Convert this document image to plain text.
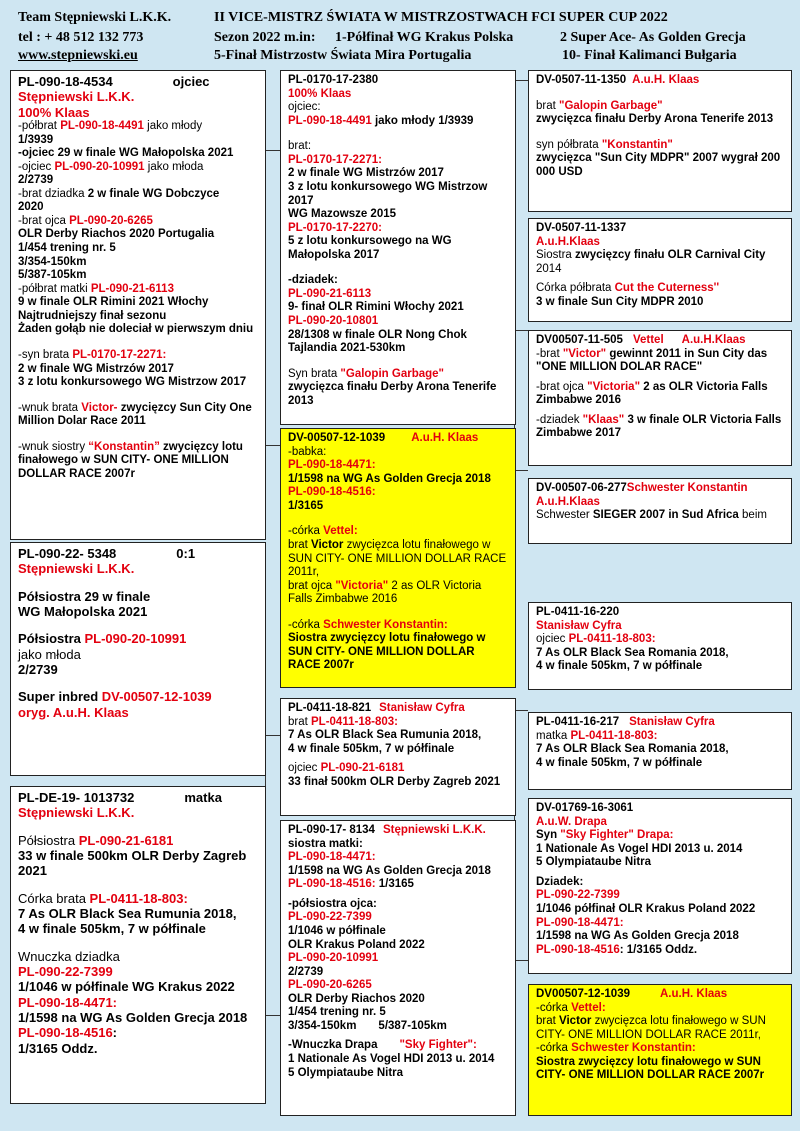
Team Stępniewski L.K.K.	II VICE-MISTRZ ŚWIATA W MISTRZOSTWACH FCI SUPER CUP 2022
tel : + 48 512 132 773	Sezon 2022 m.in: 1-Półfinał WG Krakus Polska	2 Super Ace- As Golden Grecja
www.stepniewski.eu	5-Finał Mistrzostw Świata Mira Portugalia	10- Finał Kalimanci Bułgaria

PL-090-18-4534	ojciec

Stępniewski L.K.K.

100% Klaas

-półbrat PL-090-18-4491 jako młody

1/3939

-ojciec 29 w finale WG Małopolska 2021

-ojciec PL-090-20-10991 jako młoda

2/2739

-brat dziadka 2 w finale WG Dobczyce

2020

-brat ojca PL-090-20-6265

OLR Derby Riachos 2020 Portugalia

1/454 trening nr. 5

3/354-150km

5/387-105km

-półbrat matki PL-090-21-6113

9 w finale OLR Rimini 2021 Włochy

Najtrudniejszy finał sezonu

Żaden gołąb nie doleciał w pierwszym dniu

-syn brata PL-0170-17-2271:

2 w finale WG Mistrzów 2017

3 z lotu konkursowego WG Mistrzow 2017

-wnuk brata Victor- zwycięzcy Sun City One Million Dolar Race 2011

-wnuk siostry “Konstantin” zwycięzcy lotu finałowego w SUN CITY- ONE MILLION DOLLAR RACE 2007r

PL-0170-17-2380

100% Klaas

ojciec:

PL-090-18-4491 jako młody 1/3939

brat:

PL-0170-17-2271:

2 w finale WG Mistrzów 2017

3 z lotu konkursowego WG Mistrzow 2017

WG Mazowsze 2015

PL-0170-17-2270:

5 z lotu konkursowego na WG Małopolska 2017

-dziadek:

PL-090-21-6113

9- finał OLR Rimini Włochy 2021

PL-090-20-10801

28/1308 w finale OLR Nong Chok Tajlandia 2021-530km

Syn brata "Galopin Garbage"

zwycięzca finału Derby Arona Tenerife 2013

DV-00507-12-1039 A.u.H. Klaas

-babka:

PL-090-18-4471:

1/1598 na WG As Golden Grecja 2018

PL-090-18-4516:

1/3165

-córka Vettel:

brat Victor zwycięzca lotu finałowego w SUN CITY- ONE MILLION DOLLAR RACE 2011r,

brat ojca "Victoria" 2 as OLR Victoria Falls Zimbabwe 2016

-córka Schwester Konstantin:

Siostra zwycięzcy lotu finałowego w SUN CITY- ONE MILLION DOLLAR RACE 2007r

DV-0507-11-1350 A.u.H. Klaas

brat "Galopin Garbage"

zwycięzca finału Derby Arona Tenerife 2013

syn półbrata "Konstantin"

zwycięzca "Sun City MDPR" 2007 wygrał 200 000 USD

DV-0507-11-1337

A.u.H.Klaas

Siostra zwycięzcy finału OLR Carnival City 2014

Córka półbrata Cut the Cuterness''

3 w finale Sun City MDPR 2010

DV00507-11-505 Vettel A.u.H.Klaas

-brat "Victor" gewinnt 2011 in Sun City das "ONE MILLION DOLAR RACE"

-brat ojca "Victoria" 2 as OLR Victoria Falls Zimbabwe 2016

-dziadek "Klaas" 3 w finale OLR Victoria Falls Zimbabwe 2017

DV-00507-06-277Schwester Konstantin

A.u.H.Klaas

Schwester SIEGER 2007 in Sud Africa beim

PL-090-22- 5348	0:1

Stępniewski L.K.K.

Półsiostra 29 w finale

WG Małopolska 2021

Półsiostra PL-090-20-10991

jako młoda

2/2739

Super inbred DV-00507-12-1039

oryg. A.u.H. Klaas

PL-0411-16-220

Stanisław Cyfra

ojciec PL-0411-18-803:

7 As OLR Black Sea Romania 2018,

4 w finale 505km, 7 w półfinale

PL-0411-18-821 Stanisław Cyfra

brat PL-0411-18-803:

7 As OLR Black Sea Rumunia 2018,

4 w finale 505km, 7 w półfinale

ojciec PL-090-21-6181

33 finał 500km OLR Derby Zagreb 2021

PL-0411-16-217 Stanisław Cyfra

matka PL-0411-18-803:

7 As OLR Black Sea Romania 2018,

4 w finale 505km, 7 w półfinale

PL-DE-19- 1013732	matka

Stępniewski L.K.K.

Półsiostra PL-090-21-6181

33 w finale 500km OLR Derby Zagreb 2021

Córka brata PL-0411-18-803:

7 As OLR Black Sea Rumunia 2018,

4 w finale 505km, 7 w półfinale

Wnuczka dziadka

PL-090-22-7399

1/1046 w półfinale WG Krakus 2022

PL-090-18-4471:

1/1598 na WG As Golden Grecja 2018

PL-090-18-4516:

1/3165 Oddz.

DV-01769-16-3061

A.u.W. Drapa

Syn "Sky Fighter" Drapa:

1 Nationale As Vogel HDI 2013 u. 2014

5 Olympiataube Nitra

Dziadek:

PL-090-22-7399

1/1046 półfinał OLR Krakus Poland 2022

PL-090-18-4471:

1/1598 na WG As Golden Grecja 2018

PL-090-18-4516: 1/3165 Oddz.

PL-090-17- 8134 Stępniewski L.K.K.

siostra matki:

PL-090-18-4471:

1/1598 na WG As Golden Grecja 2018

PL-090-18-4516: 1/3165

-półsiostra ojca:

PL-090-22-7399

1/1046 w półfinale

OLR Krakus Poland 2022

PL-090-20-10991

2/2739

PL-090-20-6265

OLR Derby Riachos 2020

1/454 trening nr. 5

3/354-150km 5/387-105km

-Wnuczka Drapa "Sky Fighter":

1 Nationale As Vogel HDI 2013 u. 2014

5 Olympiataube Nitra

DV00507-12-1039	A.u.H. Klaas

-córka Vettel:

brat Victor zwycięzca lotu finałowego w SUN CITY- ONE MILLION DOLLAR RACE 2011r,

-córka Schwester Konstantin:

Siostra zwycięzcy lotu finałowego w SUN CITY- ONE MILLION DOLLAR RACE 2007r
